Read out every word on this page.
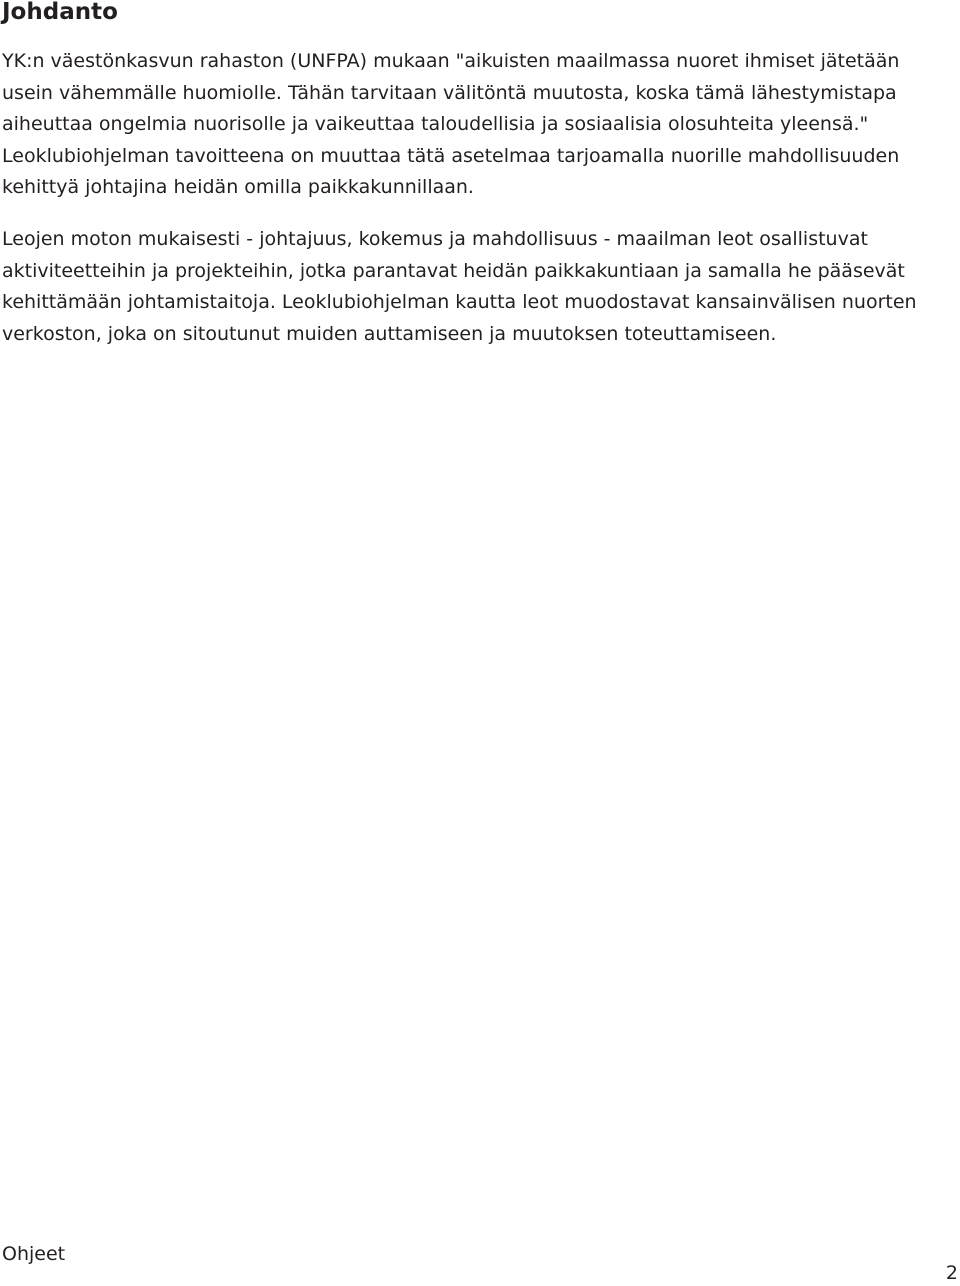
Johdanto

YK:n väestönkasvun rahaston (UNFPA) mukaan "aikuisten maailmassa nuoret ihmiset jätetään usein vähemmälle huomiolle. Tähän tarvitaan välitöntä muutosta, koska tämä lähestymistapa aiheuttaa ongelmia nuorisolle ja vaikeuttaa taloudellisia ja sosiaalisia olosuhteita yleensä." Leoklubiohjelman tavoitteena on muuttaa tätä asetelmaa tarjoamalla nuorille mahdollisuuden kehittyä johtajina heidän omilla paikkakunnillaan.

Leojen moton mukaisesti - johtajuus, kokemus ja mahdollisuus - maailman leot osallistuvat aktiviteetteihin ja projekteihin, jotka parantavat heidän paikkakuntiaan ja samalla he pääsevät kehittämään johtamistaitoja. Leoklubiohjelman kautta leot muodostavat kansainvälisen nuorten verkoston, joka on sitoutunut muiden auttamiseen ja muutoksen toteuttamiseen.

Ohjeet
2
